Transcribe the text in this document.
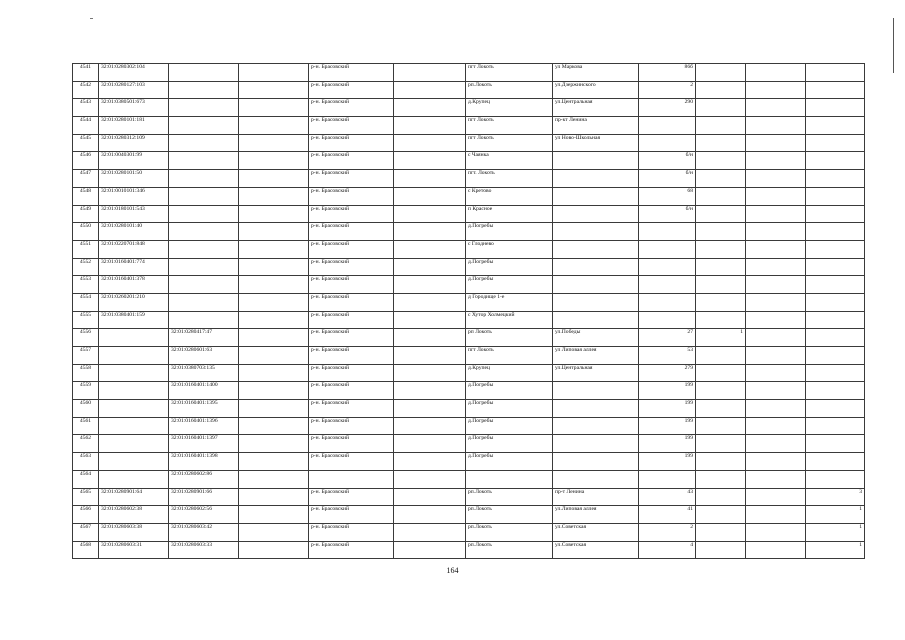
4541	32:01:0280302:104			р-н. Брасовский		пгт Локоть	ул Маркова	86б			
4542	32:01:0280127:103			р-н. Брасовский		рп.Локоть	ул.Дзержинского	2			
4543	32:01:0380501:673			р-н. Брасовский		д.Крупец	ул.Центральная	290			
4544	32:01:0280101:181			р-н. Брасовский		пгт Локоть	пр-кт Ленина				
4545	32:01:0280312:109			р-н. Брасовский		пгт Локоть	ул Ново-Школьная				
4546	32:01:0040301:99			р-н. Брасовский		с Чаянка		б/н			
4547	32:01:0280101:50			р-н. Брасовский		пгт. Локоть		б/н			
4548	32:01:0010101:346			р-н. Брасовский		с Кретово		68			
4549	32:01:0180101:543			р-н. Брасовский		п Красное		б/н			
4550	32:01:0280101:40			р-н. Брасовский		д.Погребы					
4551	32:01:0220701:848			р-н. Брасовский		с Глоднево					
4552	32:01:0160401:774			р-н. Брасовский		д.Погребы					
4553	32:01:0160401:378			р-н. Брасовский		д.Погребы					
4554	32:01:0260201:210			р-н. Брасовский		д Городище 1-е					
4555	32:01:0380401:159			р-н. Брасовский		с Хутор Холмецкий					
4556		32:01:0280417:47		р-н. Брасовский		рп Локоть	ул.Победы	27	1		
4557		32:01:0280601:63		р-н. Брасовский		пгт Локоть	ул Липовая аллея	53			
4558		32:01:0380703:135		р-н. Брасовский		д.Крупец	ул.Центральная	279			
4559		32:01:0160401:1400		р-н. Брасовский		д.Погребы		199			
4560		32:01:0160401:1395		р-н. Брасовский		д.Погребы		199			
4561		32:01:0160401:1396		р-н. Брасовский		д.Погребы		199			
4562		32:01:0160401:1397		р-н. Брасовский		д.Погребы		199			
4563		32:01:0160401:1398		р-н. Брасовский		д.Погребы		199			
4564		32:01:0280602:86									
4565	32:01:0280901:64	32:01:0280901:66		р-н. Брасовский		рп.Локоть	пр-т Ленина	43			3
4566	32:01:0280602:38	32:01:0280602:56		р-н. Брасовский		рп.Локоть	ул.Липовая аллея	41			1
4567	32:01:0280603:38	32:01:0280603:42		р-н. Брасовский		рп.Локоть	ул.Советская	2			1
4568	32:01:0280603:31	32:01:0280603:33		р-н. Брасовский		рп.Локоть	ул.Советская	4			1
164
